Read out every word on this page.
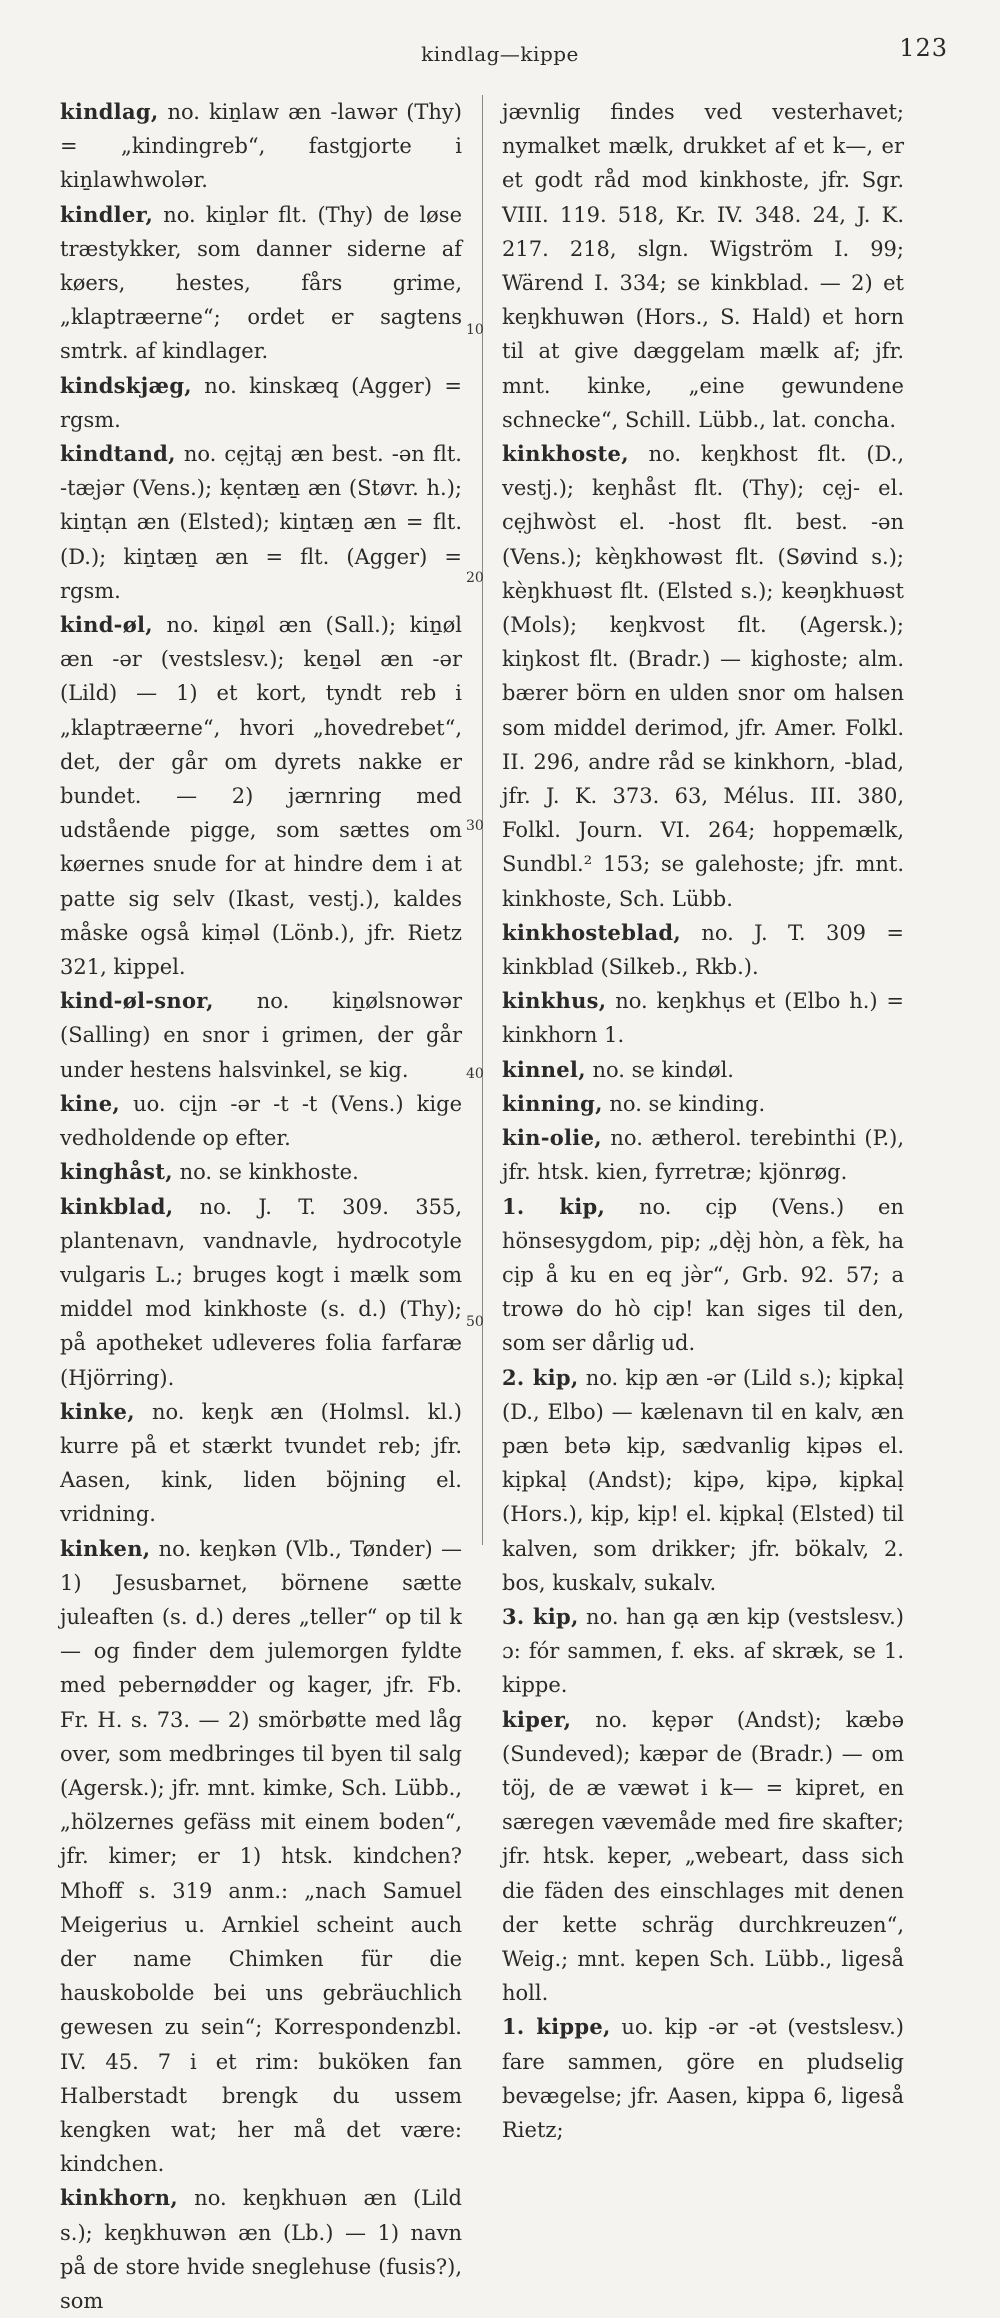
kindlag—kippe	123

kindlag, no. kiṉlaw æn -lawər (Thy) = „kindingreb“, fastgjorte i kiṉlawhwolər.

kindler, no. kiṉlər flt. (Thy) de løse træstykker, som danner siderne af køers, hestes, fårs grime, „klaptræerne“; ordet er sagtens smtrk. af kindlager.

kindskjæg, no. kinskæq (Agger) = rgsm.

kindtand, no. cẹjtạj æn best. -ən flt. -tæjər (Vens.); kẹntæṉ æn (Støvr. h.); kiṉtạn æn (Elsted); kiṉtæṉ æn = flt. (D.); kiṉtæṉ æn = flt. (Agger) = rgsm.

kind-øl, no. kiṉøl æn (Sall.); kiṉøl æn -ər (vestslesv.); keṉəl æn -ər (Lild) — 1) et kort, tyndt reb i „klaptræerne“, hvori „hovedrebet“, det, der går om dyrets nakke er bundet. — 2) jærnring med udstående pigge, som sættes om køernes snude for at hindre dem i at patte sig selv (Ikast, vestj.), kaldes måske også kiṃəl (Lönb.), jfr. Rietz 321, kippel.

kind-øl-snor, no. kiṉølsnowər (Salling) en snor i grimen, der går under hestens halsvinkel, se kig.

kine, uo. cịjn -ər -t -t (Vens.) kige vedholdende op efter.

kinghåst, no. se kinkhoste.

kinkblad, no. J. T. 309. 355, plantenavn, vandnavle, hydrocotyle vulgaris L.; bruges kogt i mælk som middel mod kinkhoste (s. d.) (Thy); på apotheket udleveres folia farfaræ (Hjörring).

kinke, no. keŋk æn (Holmsl. kl.) kurre på et stærkt tvundet reb; jfr. Aasen, kink, liden böjning el. vridning.

kinken, no. keŋkən (Vlb., Tønder) — 1) Jesusbarnet, börnene sætte juleaften (s. d.) deres „teller“ op til k— og finder dem julemorgen fyldte med pebernødder og kager, jfr. Fb. Fr. H. s. 73. — 2) smörbøtte med låg over, som medbringes til byen til salg (Agersk.); jfr. mnt. kimke, Sch. Lübb., „hölzernes gefäss mit einem boden“, jfr. kimer; er 1) htsk. kindchen? Mhoff s. 319 anm.: „nach Samuel Meigerius u. Arnkiel scheint auch der name Chimken für die hauskobolde bei uns gebräuchlich gewesen zu sein“; Korrespondenzbl. IV. 45. 7 i et rim: buköken fan Halberstadt brengk du ussem kengken wat; her må det være: kindchen.

kinkhorn, no. keŋkhuən æn (Lild s.); keŋkhuwən æn (Lb.) — 1) navn på de store hvide sneglehuse (fusis?), som

jævnlig findes ved vesterhavet; nymalket mælk, drukket af et k—, er et godt råd mod kinkhoste, jfr. Sgr. VIII. 119. 518, Kr. IV. 348. 24, J. K. 217. 218, slgn. Wigström I. 99; Wärend I. 334; se kinkblad. — 2) et keŋkhuwən (Hors., S. Hald) et horn til at give dæggelam mælk af; jfr. mnt. kinke, „eine gewundene schnecke“, Schill. Lübb., lat. concha.

kinkhoste, no. keŋkhost flt. (D., vestj.); keŋhåst flt. (Thy); cẹj- el. cẹjhwòst el. -host flt. best. -ən (Vens.); kèŋkhowəst flt. (Søvind s.); kèŋkhuəst flt. (Elsted s.); keəŋkhuəst (Mols); keŋkvost flt. (Agersk.); kiŋkost flt. (Bradr.) — kighoste; alm. bærer börn en ulden snor om halsen som middel derimod, jfr. Amer. Folkl. II. 296, andre råd se kinkhorn, -blad, jfr. J. K. 373. 63, Mélus. III. 380, Folkl. Journ. VI. 264; hoppemælk, Sundbl.² 153; se galehoste; jfr. mnt. kinkhoste, Sch. Lübb.

kinkhosteblad, no. J. T. 309 = kinkblad (Silkeb., Rkb.).

kinkhus, no. keŋkhụs et (Elbo h.) = kinkhorn 1.

kinnel, no. se kindøl.

kinning, no. se kinding.

kin-olie, no. ætherol. terebinthi (P.), jfr. htsk. kien, fyrretræ; kjönrøg.

1. kip, no. cịp (Vens.) en hönsesygdom, pip; „dẹ̀j hòn, a fèk, ha cịp å ku en eq jə̀r“, Grb. 92. 57; a trowə do hò cịp! kan siges til den, som ser dårlig ud.

2. kip, no. kịp æn -ər (Lild s.); kịpkaḷ (D., Elbo) — kælenavn til en kalv, æn pæn betə kịp, sædvanlig kịpəs el. kịpkaḷ (Andst); kịpə, kịpə, kịpkaḷ (Hors.), kịp, kịp! el. kịpkaḷ (Elsted) til kalven, som drikker; jfr. bökalv, 2. bos, kuskalv, sukalv.

3. kip, no. han gạ æn kịp (vestslesv.) ɔ: fór sammen, f. eks. af skræk, se 1. kippe.

kiper, no. kẹpər (Andst); kæbə (Sundeved); kæpər de (Bradr.) — om töj, de æ væwət i k— = kipret, en særegen vævemåde med fire skafter; jfr. htsk. keper, „webeart, dass sich die fäden des einschlages mit denen der kette schräg durchkreuzen“, Weig.; mnt. kepen Sch. Lübb., ligeså holl.

1. kippe, uo. kịp -ər -ət (vestslesv.) fare sammen, göre en pludselig bevægelse; jfr. Aasen, kippa 6, ligeså Rietz;

10
20
30
40
50
